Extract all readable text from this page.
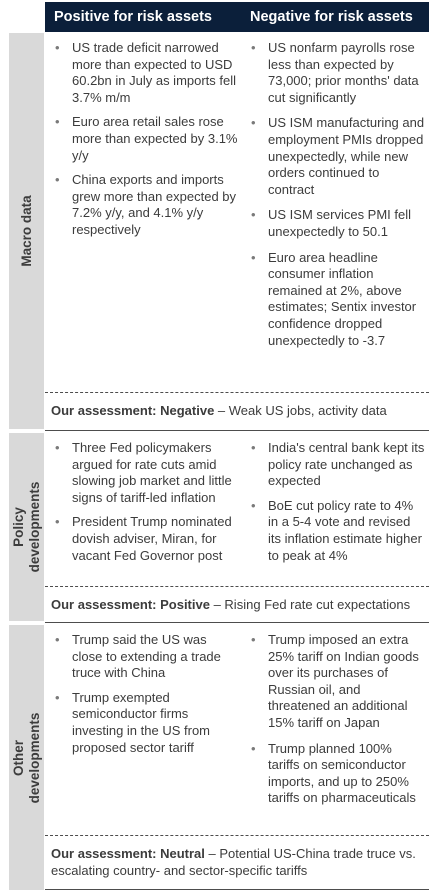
Positive for risk assets	Negative for risk assets
Macro data
• US trade deficit narrowed more than expected to USD 60.2bn in July as imports fell 3.7% m/m
• Euro area retail sales rose more than expected by 3.1% y/y
• China exports and imports grew more than expected by 7.2% y/y, and 4.1% y/y respectively
• US nonfarm payrolls rose less than expected by 73,000; prior months' data cut significantly
• US ISM manufacturing and employment PMIs dropped unexpectedly, while new orders continued to contract
• US ISM services PMI fell unexpectedly to 50.1
• Euro area headline consumer inflation remained at 2%, above estimates; Sentix investor confidence dropped unexpectedly to -3.7
Our assessment: Negative – Weak US jobs, activity data
Policy developments
• Three Fed policymakers argued for rate cuts amid slowing job market and little signs of tariff-led inflation
• President Trump nominated dovish adviser, Miran, for vacant Fed Governor post
• India's central bank kept its policy rate unchanged as expected
• BoE cut policy rate to 4% in a 5-4 vote and revised its inflation estimate higher to peak at 4%
Our assessment: Positive – Rising Fed rate cut expectations
Other developments
• Trump said the US was close to extending a trade truce with China
• Trump exempted semiconductor firms investing in the US from proposed sector tariff
• Trump imposed an extra 25% tariff on Indian goods over its purchases of Russian oil, and threatened an additional 15% tariff on Japan
• Trump planned 100% tariffs on semiconductor imports, and up to 250% tariffs on pharmaceuticals
Our assessment: Neutral – Potential US-China trade truce vs. escalating country- and sector-specific tariffs
